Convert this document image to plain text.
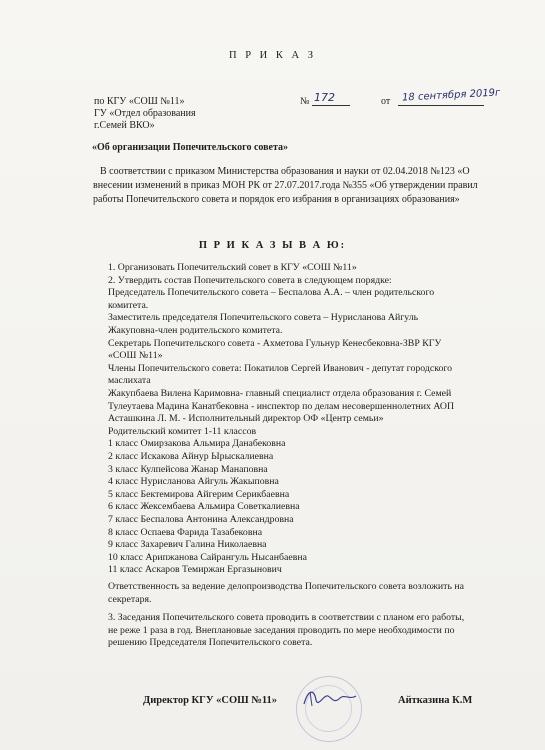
П Р И К А З
по КГУ «СОШ №11»
ГУ «Отдел образования
г.Семей ВКО»
№ 172	от 18 сентября 2019г
«Об организации Попечительского совета»
В соответствии с приказом Министерства образования и науки от 02.04.2018 №123 «О
внесении изменений в приказ МОН РК от 27.07.2017.года №355 «Об утверждении правил
работы Попечительского совета и порядок его избрания в организациях образования»
П Р И К А З Ы В А Ю:
1. Организовать Попечительский совет в КГУ «СОШ №11»
2. Утвердить состав Попечительского совета в следующем порядке:
Председатель Попечительского совета – Беспалова А.А. – член родительского
комитета.
Заместитель председателя Попечительского совета – Нурисланова Айгуль
Жакуповна-член родительского комитета.
Секретарь Попечительского совета - Ахметова Гульнур Кенесбековна-ЗВР КГУ
«СОШ №11»
Члены Попечительского совета: Покатилов Сергей Иванович - депутат городского
маслихата
Жакупбаева Вилена Каримовна- главный специалист отдела образования г. Семей
Тулеутаева Мадина Канатбековна - инспектор по делам несовершеннолетних АОП
Асташкина Л. М. - Исполнительный директор ОФ «Центр семьи»
Родительский комитет 1-11 классов
1 класс Омирзакова Альмира Данабековна
2 класс Искакова Айнур Ырыскалиевна
3 класс Кулпейсова Жанар Манаповна
4 класс Нурисланова Айгуль Жакыповна
5 класс Бектемирова Айгерим Серикбаевна
6 класс Жексембаева Альмира Советкалиевна
7 класс Беспалова Антонина Александровна
8 класс Оспаева Фарида Тазабековна
9 класс Захаревич Галина Николаевна
10 класс Арипжанова Сайрангуль Нысанбаевна
11 класс Аскаров Темиржан Ергазынович
Ответственность за ведение делопроизводства Попечительского совета возложить на
секретаря.
3. Заседания Попечительского совета проводить в соответствии с планом его работы,
не реже 1 раза в год. Внеплановые заседания проводить по мере необходимости по
решению Председателя Попечительского совета.
Директор КГУ «СОШ №11»	Айтказина К.М
